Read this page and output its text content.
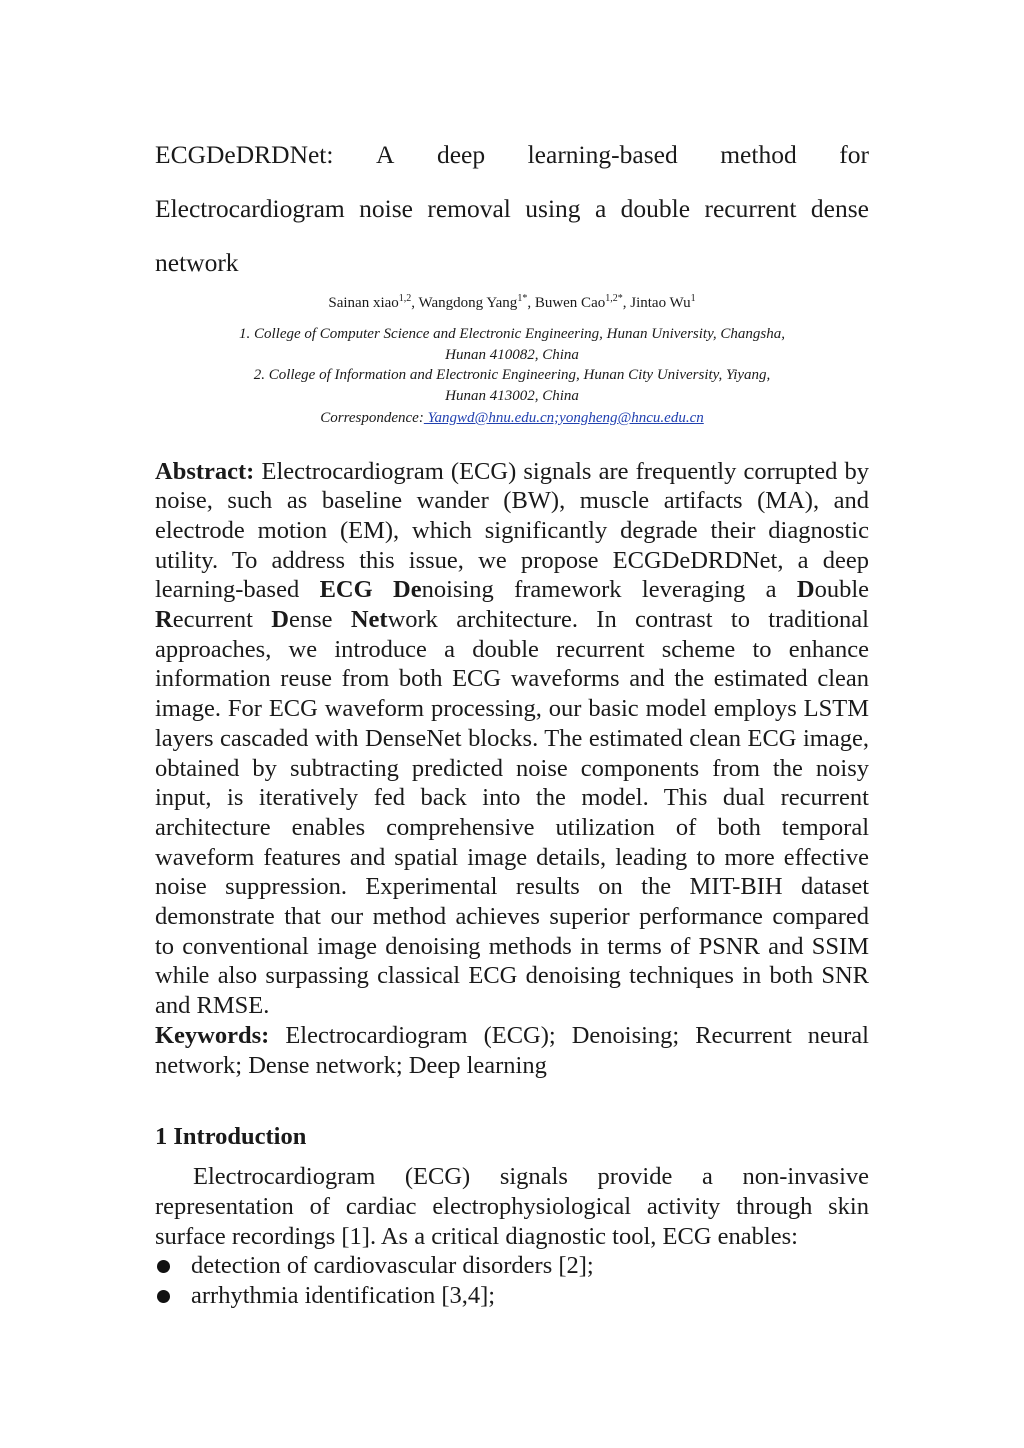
ECGDeDRDNet: A deep learning-based method for
Electrocardiogram noise removal using a double recurrent dense
network
Sainan xiao$^{1,2}$, Wangdong Yang$^{1*}$, Buwen Cao$^{1,2*}$, Jintao Wu$^1$
1. College of Computer Science and Electronic Engineering, Hunan University, Changsha, Hunan 410082, China
2. College of Information and Electronic Engineering, Hunan City University, Yiyang, Hunan 413002, China
Correspondence: Yangwd@hnu.edu.cn;yongheng@hncu.edu.cn
Abstract: Electrocardiogram (ECG) signals are frequently corrupted by noise, such as baseline wander (BW), muscle artifacts (MA), and electrode motion (EM), which significantly degrade their diagnostic utility. To address this issue, we propose ECGDeDRDNet, a deep learning-based ECG Denoising framework leveraging a Double Recurrent Dense Network architecture. In contrast to traditional approaches, we introduce a double recurrent scheme to enhance information reuse from both ECG waveforms and the estimated clean image. For ECG waveform processing, our basic model employs LSTM layers cascaded with DenseNet blocks. The estimated clean ECG image, obtained by subtracting predicted noise components from the noisy input, is iteratively fed back into the model. This dual recurrent architecture enables comprehensive utilization of both temporal waveform features and spatial image details, leading to more effective noise suppression. Experimental results on the MIT-BIH dataset demonstrate that our method achieves superior performance compared to conventional image denoising methods in terms of PSNR and SSIM while also surpassing classical ECG denoising techniques in both SNR and RMSE.
Keywords: Electrocardiogram (ECG); Denoising; Recurrent neural network; Dense network; Deep learning
1 Introduction
Electrocardiogram (ECG) signals provide a non-invasive representation of cardiac electrophysiological activity through skin surface recordings [1]. As a critical diagnostic tool, ECG enables:
detection of cardiovascular disorders [2];
arrhythmia identification [3,4];
